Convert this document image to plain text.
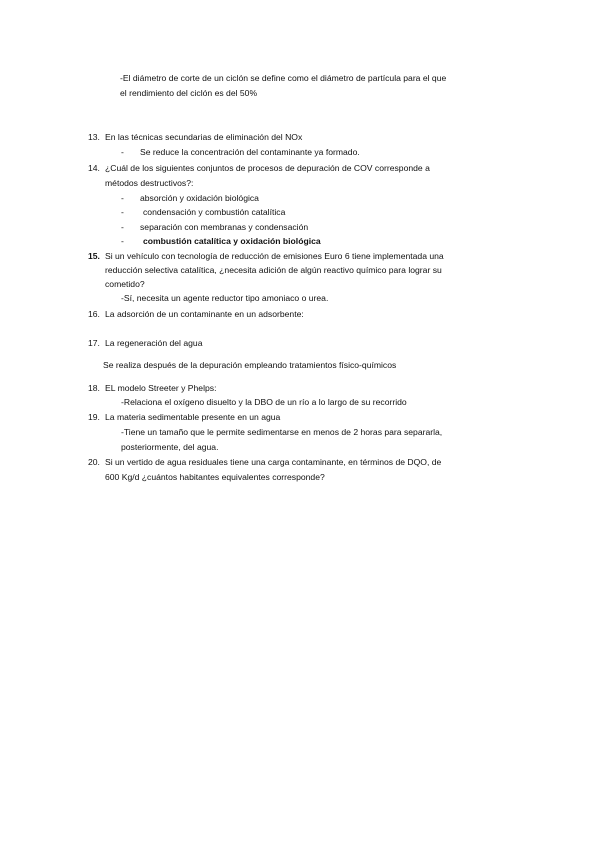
-El diámetro de corte de un ciclón se define como el diámetro de partícula para el que
el rendimiento del ciclón es del 50%
13. En las técnicas secundarias de eliminación del NOx
- Se reduce la concentración del contaminante ya formado.
14. ¿Cuál de los siguientes conjuntos de procesos de depuración de COV corresponde a
métodos destructivos?:
- absorción y oxidación biológica
- condensación y combustión catalítica
- separación con membranas y condensación
- combustión catalítica y oxidación biológica
15. Si un vehículo con tecnología de reducción de emisiones Euro 6 tiene implementada una
reducción selectiva catalítica, ¿necesita adición de algún reactivo químico para lograr su
cometido?
-Sí, necesita un agente reductor tipo amoniaco o urea.
16. La adsorción de un contaminante en un adsorbente:
17. La regeneración del agua
Se realiza después de la depuración empleando tratamientos físico-químicos
18. EL modelo Streeter y Phelps:
-Relaciona el oxígeno disuelto y la DBO de un río a lo largo de su recorrido
19. La materia sedimentable presente en un agua
-Tiene un tamaño que le permite sedimentarse en menos de 2 horas para separarla,
posteriormente, del agua.
20. Si un vertido de agua residuales tiene una carga contaminante, en términos de DQO, de
600 Kg/d ¿cuántos habitantes equivalentes corresponde?
